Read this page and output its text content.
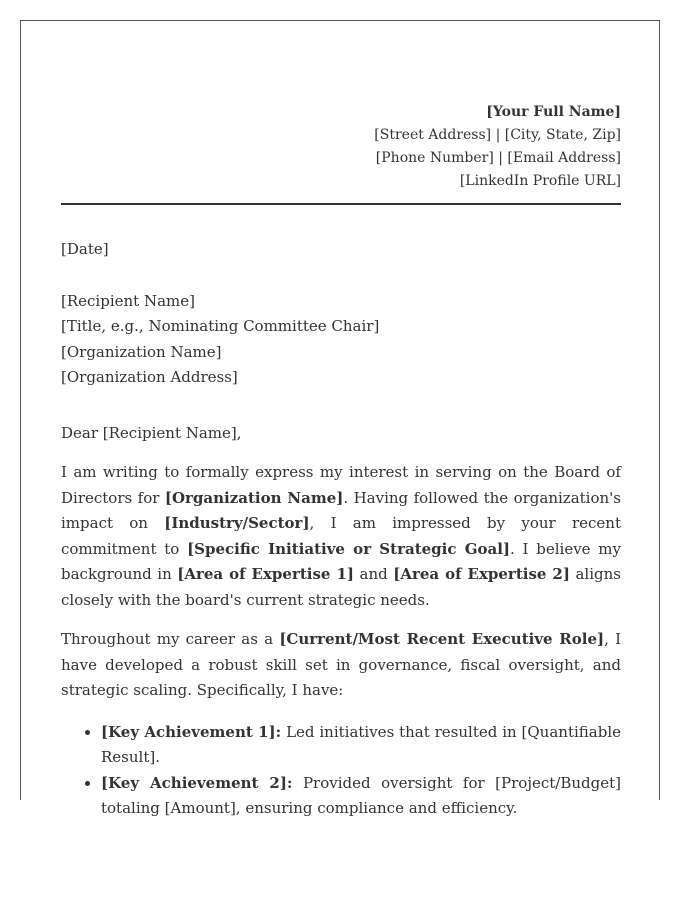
[Your Full Name]
[Street Address] | [City, State, Zip]
[Phone Number] | [Email Address]
[LinkedIn Profile URL]
[Date]
[Recipient Name]
[Title, e.g., Nominating Committee Chair]
[Organization Name]
[Organization Address]
Dear [Recipient Name],

I am writing to formally express my interest in serving on the Board of Directors for [Organization Name]. Having followed the organization's impact on [Industry/Sector], I am impressed by your recent commitment to [Specific Initiative or Strategic Goal]. I believe my background in [Area of Expertise 1] and [Area of Expertise 2] aligns closely with the board's current strategic needs.

Throughout my career as a [Current/Most Recent Executive Role], I have developed a robust skill set in governance, fiscal oversight, and strategic scaling. Specifically, I have:

• [Key Achievement 1]: Led initiatives that resulted in [Quantifiable Result].
• [Key Achievement 2]: Provided oversight for [Project/Budget] totaling [Amount], ensuring compliance and efficiency.
